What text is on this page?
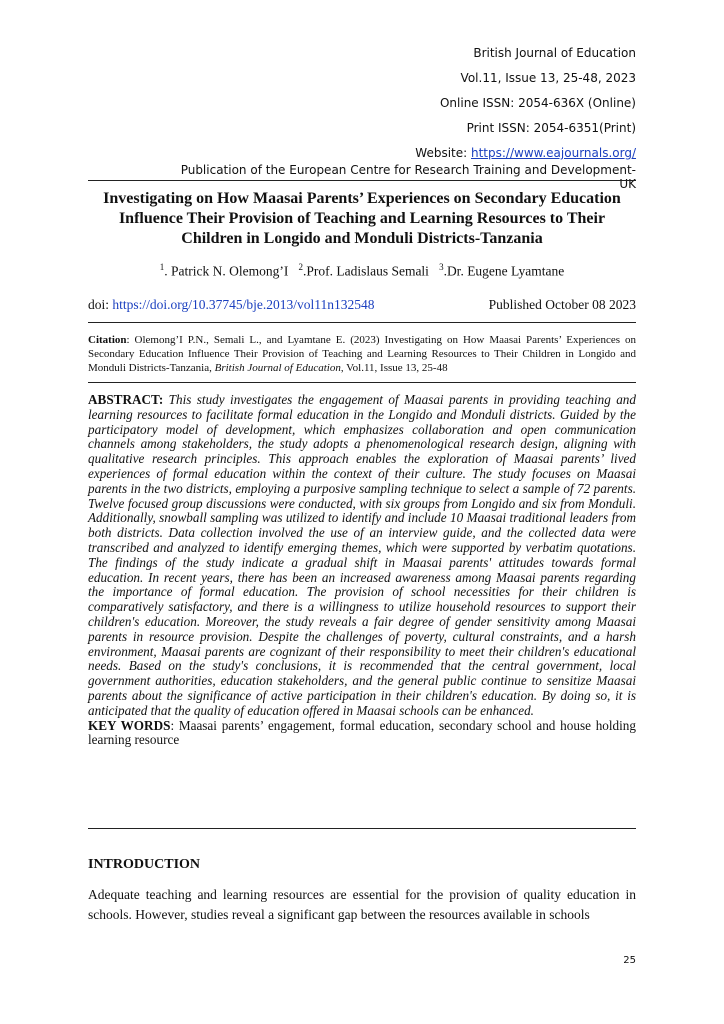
British Journal of Education
Vol.11, Issue 13, 25-48, 2023
Online ISSN: 2054-636X (Online)
Print ISSN: 2054-6351(Print)
Website: https://www.eajournals.org/
Publication of the European Centre for Research Training and Development-UK
Investigating on How Maasai Parents’ Experiences on Secondary Education Influence Their Provision of Teaching and Learning Resources to Their Children in Longido and Monduli Districts-Tanzania
$^1$. Patrick N. Olemong’I $^2$.Prof. Ladislaus Semali $^3$.Dr. Eugene Lyamtane
doi: https://doi.org/10.37745/bje.2013/vol11n132548	Published October 08 2023
Citation: Olemong’I P.N., Semali L., and Lyamtane E. (2023) Investigating on How Maasai Parents’ Experiences on Secondary Education Influence Their Provision of Teaching and Learning Resources to Their Children in Longido and Monduli Districts-Tanzania, British Journal of Education, Vol.11, Issue 13, 25-48
ABSTRACT: This study investigates the engagement of Maasai parents in providing teaching and learning resources to facilitate formal education in the Longido and Monduli districts. Guided by the participatory model of development, which emphasizes collaboration and open communication channels among stakeholders, the study adopts a phenomenological research design, aligning with qualitative research principles. This approach enables the exploration of Maasai parents’ lived experiences of formal education within the context of their culture. The study focuses on Maasai parents in the two districts, employing a purposive sampling technique to select a sample of 72 parents. Twelve focused group discussions were conducted, with six groups from Longido and six from Monduli. Additionally, snowball sampling was utilized to identify and include 10 Maasai traditional leaders from both districts. Data collection involved the use of an interview guide, and the collected data were transcribed and analyzed to identify emerging themes, which were supported by verbatim quotations. The findings of the study indicate a gradual shift in Maasai parents' attitudes towards formal education. In recent years, there has been an increased awareness among Maasai parents regarding the importance of formal education. The provision of school necessities for their children is comparatively satisfactory, and there is a willingness to utilize household resources to support their children's education. Moreover, the study reveals a fair degree of gender sensitivity among Maasai parents in resource provision. Despite the challenges of poverty, cultural constraints, and a harsh environment, Maasai parents are cognizant of their responsibility to meet their children's educational needs. Based on the study's conclusions, it is recommended that the central government, local government authorities, education stakeholders, and the general public continue to sensitize Maasai parents about the significance of active participation in their children's education. By doing so, it is anticipated that the quality of education offered in Maasai schools can be enhanced.
KEY WORDS: Maasai parents’ engagement, formal education, secondary school and house holding learning resource
INTRODUCTION
Adequate teaching and learning resources are essential for the provision of quality education in schools. However, studies reveal a significant gap between the resources available in schools
25
